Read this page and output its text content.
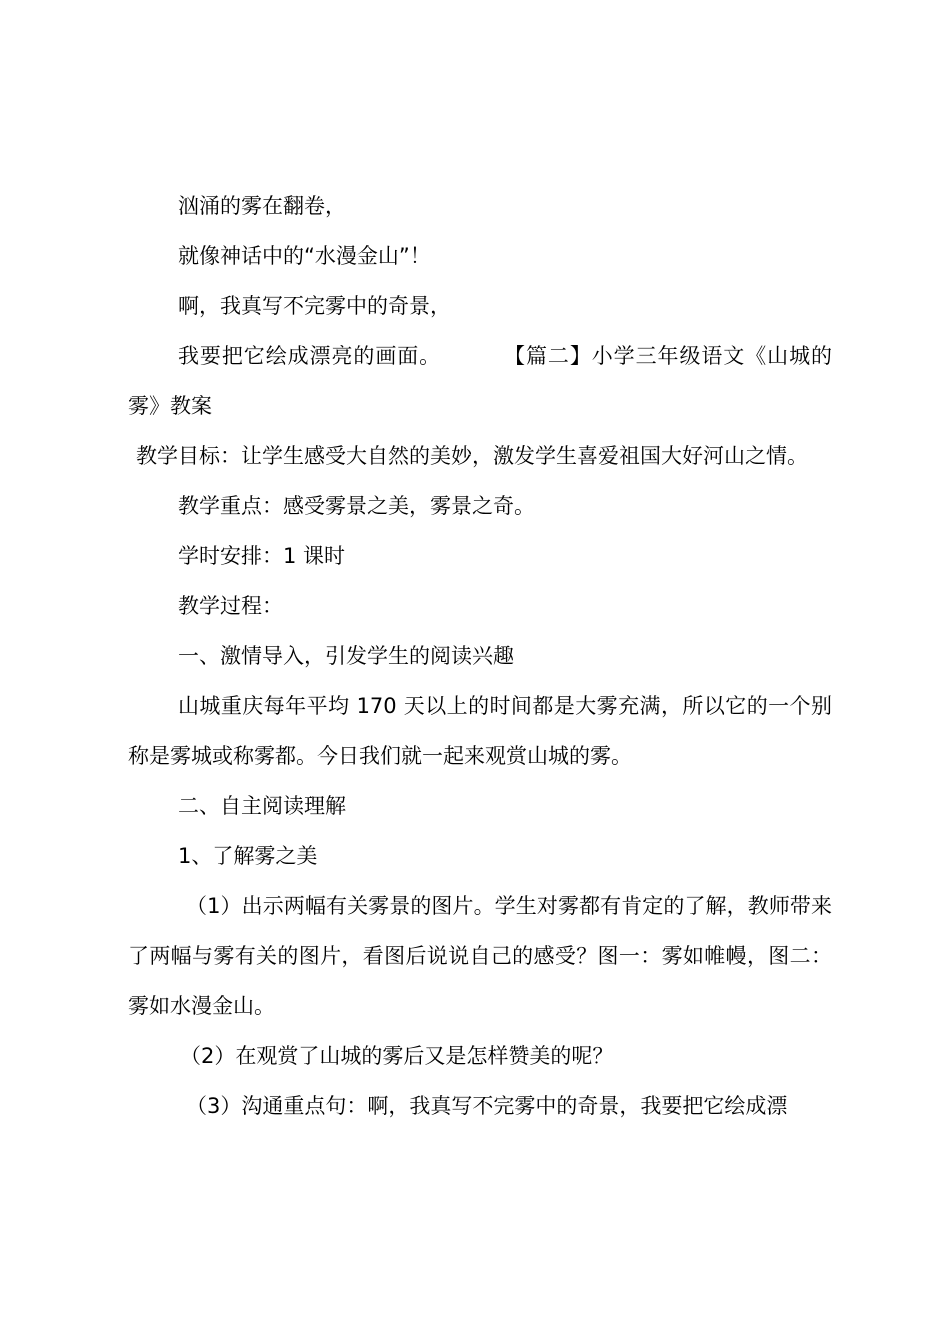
汹涌的雾在翻卷，

就像神话中的“水漫金山”！

啊，我真写不完雾中的奇景，

我要把它绘成漂亮的画面。	【篇二】小学三年级语文《山城的雾》教案

教学目标：让学生感受大自然的美妙，激发学生喜爱祖国大好河山之情。

教学重点：感受雾景之美，雾景之奇。

学时安排：1 课时

教学过程：

一、激情导入，引发学生的阅读兴趣

山城重庆每年平均 170 天以上的时间都是大雾充满，所以它的一个别称是雾城或称雾都。今日我们就一起来观赏山城的雾。

二、自主阅读理解

1、了解雾之美

（1）出示两幅有关雾景的图片。学生对雾都有肯定的了解，教师带来了两幅与雾有关的图片，看图后说说自己的感受？图一：雾如帷幔，图二：雾如水漫金山。

（2）在观赏了山城的雾后又是怎样赞美的呢？

（3）沟通重点句：啊，我真写不完雾中的奇景，我要把它绘成漂
